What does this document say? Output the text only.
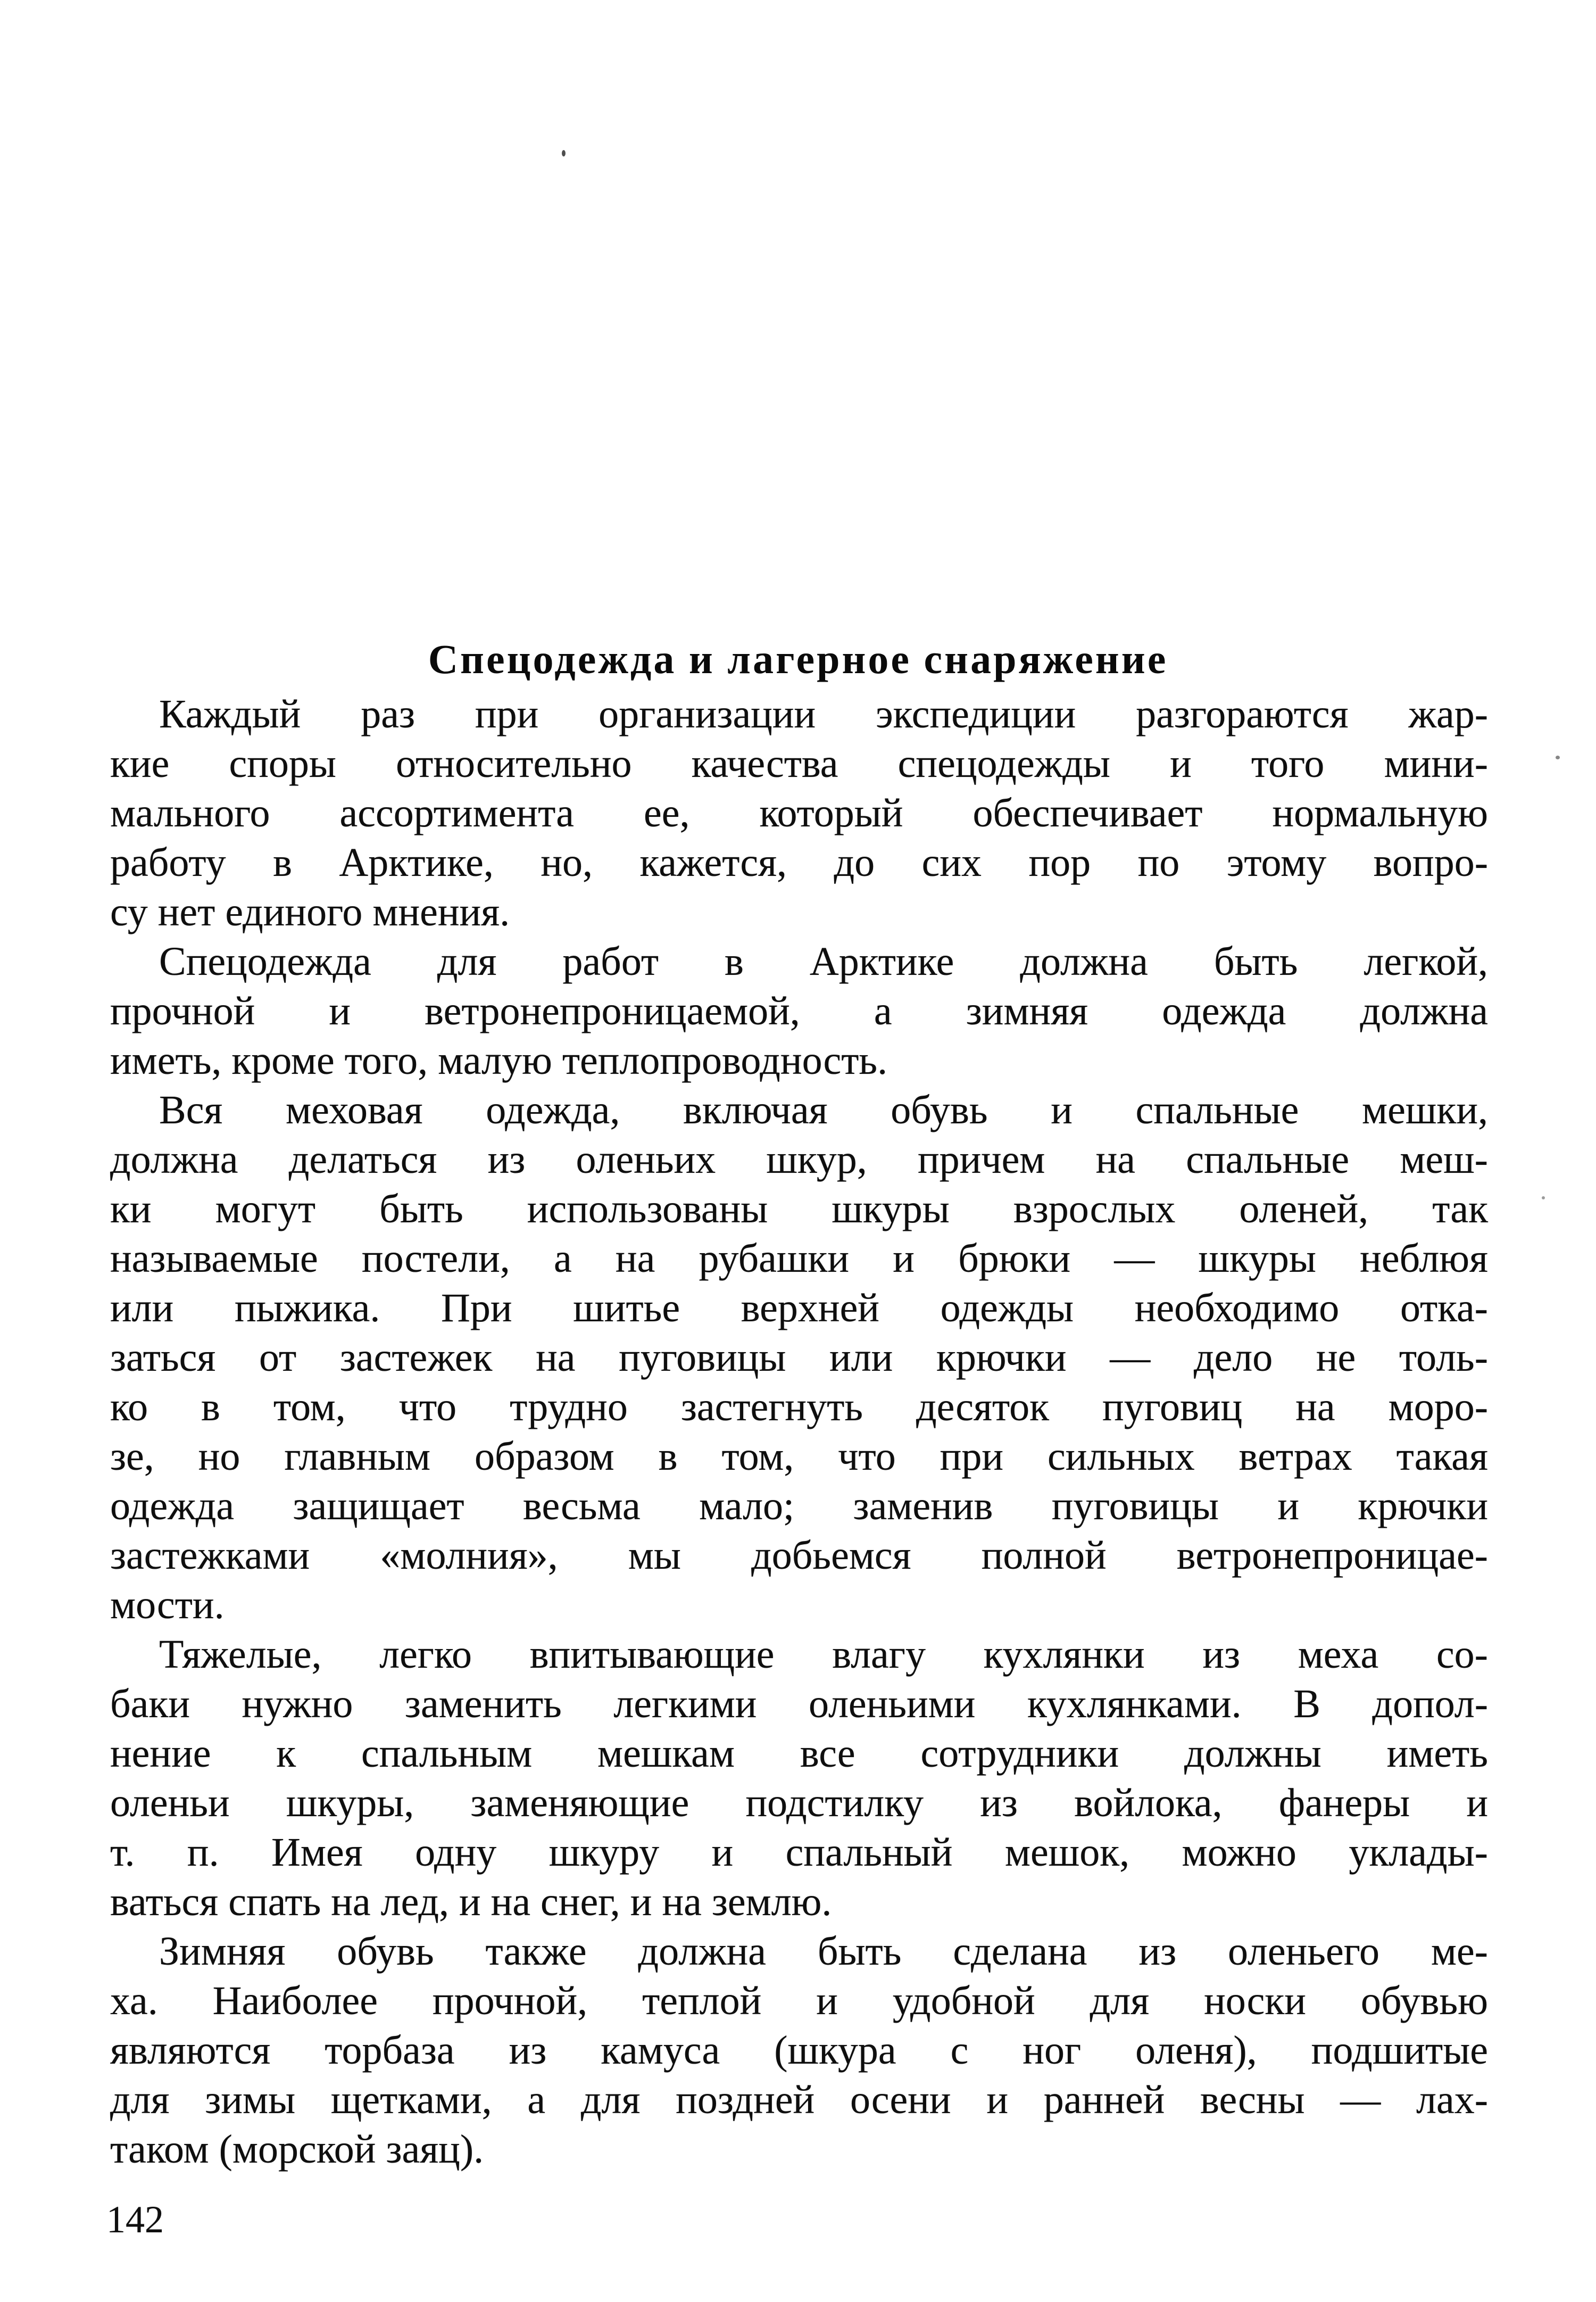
Спецодежда и лагерное снаряжение
Каждый раз при организации экспедиции разгораются жар-
кие споры относительно качества спецодежды и того мини-
мального ассортимента ее, который обеспечивает нормальную
работу в Арктике, но, кажется, до сих пор по этому вопро-
су нет единого мнения.
Спецодежда для работ в Арктике должна быть легкой,
прочной и ветронепроницаемой, а зимняя одежда должна
иметь, кроме того, малую теплопроводность.
Вся меховая одежда, включая обувь и спальные мешки,
должна делаться из оленьих шкур, причем на спальные меш-
ки могут быть использованы шкуры взрослых оленей, так
называемые постели, а на рубашки и брюки — шкуры неблюя
или пыжика. При шитье верхней одежды необходимо отка-
заться от застежек на пуговицы или крючки — дело не толь-
ко в том, что трудно застегнуть десяток пуговиц на моро-
зе, но главным образом в том, что при сильных ветрах такая
одежда защищает весьма мало; заменив пуговицы и крючки
застежками «молния», мы добьемся полной ветронепроницае-
мости.
Тяжелые, легко впитывающие влагу кухлянки из меха со-
баки нужно заменить легкими оленьими кухлянками. В допол-
нение к спальным мешкам все сотрудники должны иметь
оленьи шкуры, заменяющие подстилку из войлока, фанеры и
т. п. Имея одну шкуру и спальный мешок, можно уклады-
ваться спать на лед, и на снег, и на землю.
Зимняя обувь также должна быть сделана из оленьего ме-
ха. Наиболее прочной, теплой и удобной для носки обувью
являются торбаза из камуса (шкура с ног оленя), подшитые
для зимы щетками, а для поздней осени и ранней весны — лах-
таком (морской заяц).
142
